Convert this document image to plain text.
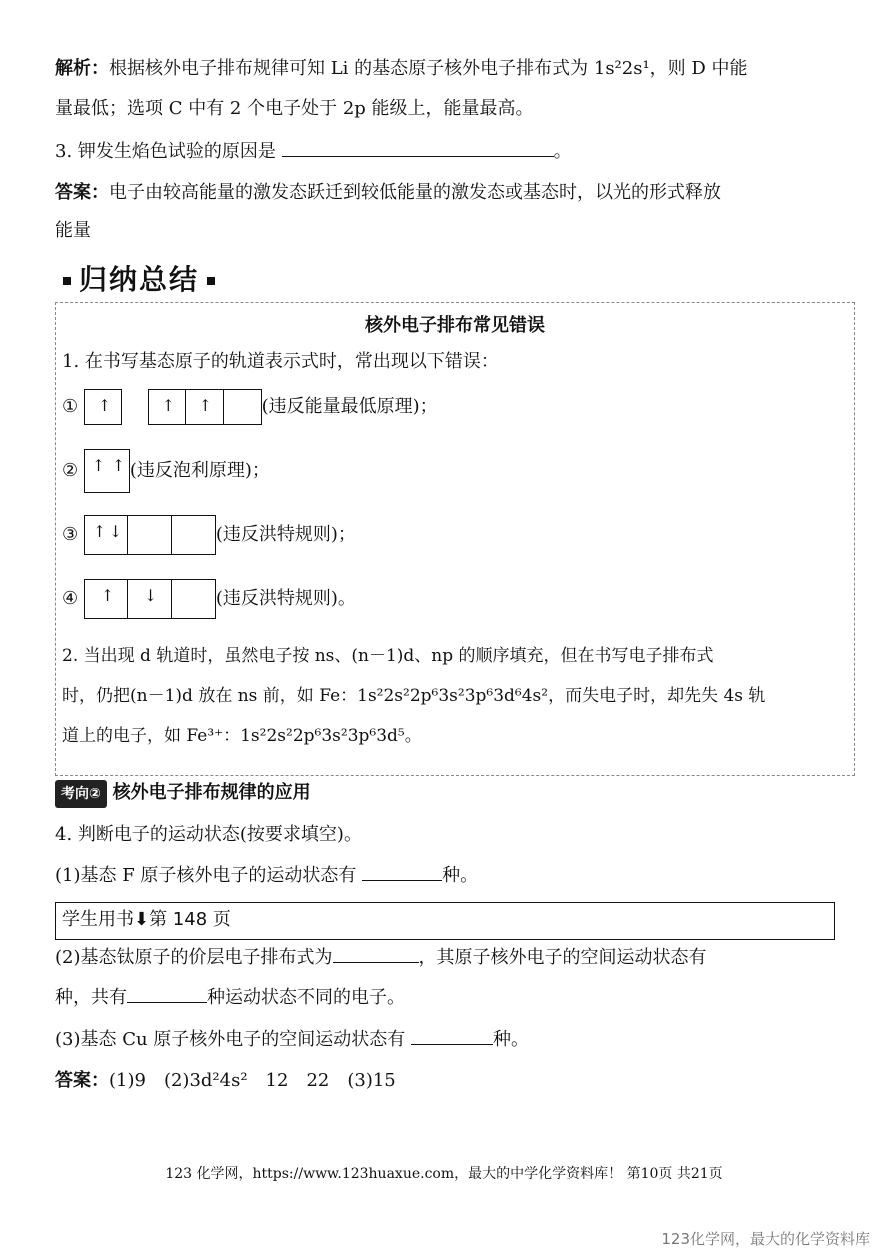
解析：根据核外电子排布规律可知 Li 的基态原子核外电子排布式为 1s²2s¹，则 D 中能
量最低；选项 C 中有 2 个电子处于 2p 能级上，能量最高。
3. 钾发生焰色试验的原因是	。
答案：电子由较高能量的激发态跃迁到较低能量的激发态或基态时，以光的形式释放
能量
归纳总结
核外电子排布常见错误
1. 在书写基态原子的轨道表示式时，常出现以下错误：
① ↑
	↑ ↑	(违反能量最低原理)；
② ↑ ↑ (违反泡利原理)；
③ ↑ ↓	(违反洪特规则)；
④ ↑ ↓	(违反洪特规则)。
2. 当出现 d 轨道时，虽然电子按 ns、(n－1)d、np 的顺序填充，但在书写电子排布式
时，仍把(n－1)d 放在 ns 前，如 Fe：1s²2s²2p⁶3s²3p⁶3d⁶4s²，而失电子时，却先失 4s 轨
道上的电子，如 Fe³⁺：1s²2s²2p⁶3s²3p⁶3d⁵。
考向② 核外电子排布规律的应用
4. 判断电子的运动状态(按要求填空)。
(1)基态 F 原子核外电子的运动状态有	种。
学生用书⬇第 148 页
(2)基态钛原子的价层电子排布式为	，其原子核外电子的空间运动状态有
种，共有	种运动状态不同的电子。
(3)基态 Cu 原子核外电子的空间运动状态有	种。
答案：(1)9　(2)3d²4s²　12　22　(3)15
123 化学网，https://www.123huaxue.com，最大的中学化学资料库！ 第10页 共21页
123化学网，最大的化学资料库
